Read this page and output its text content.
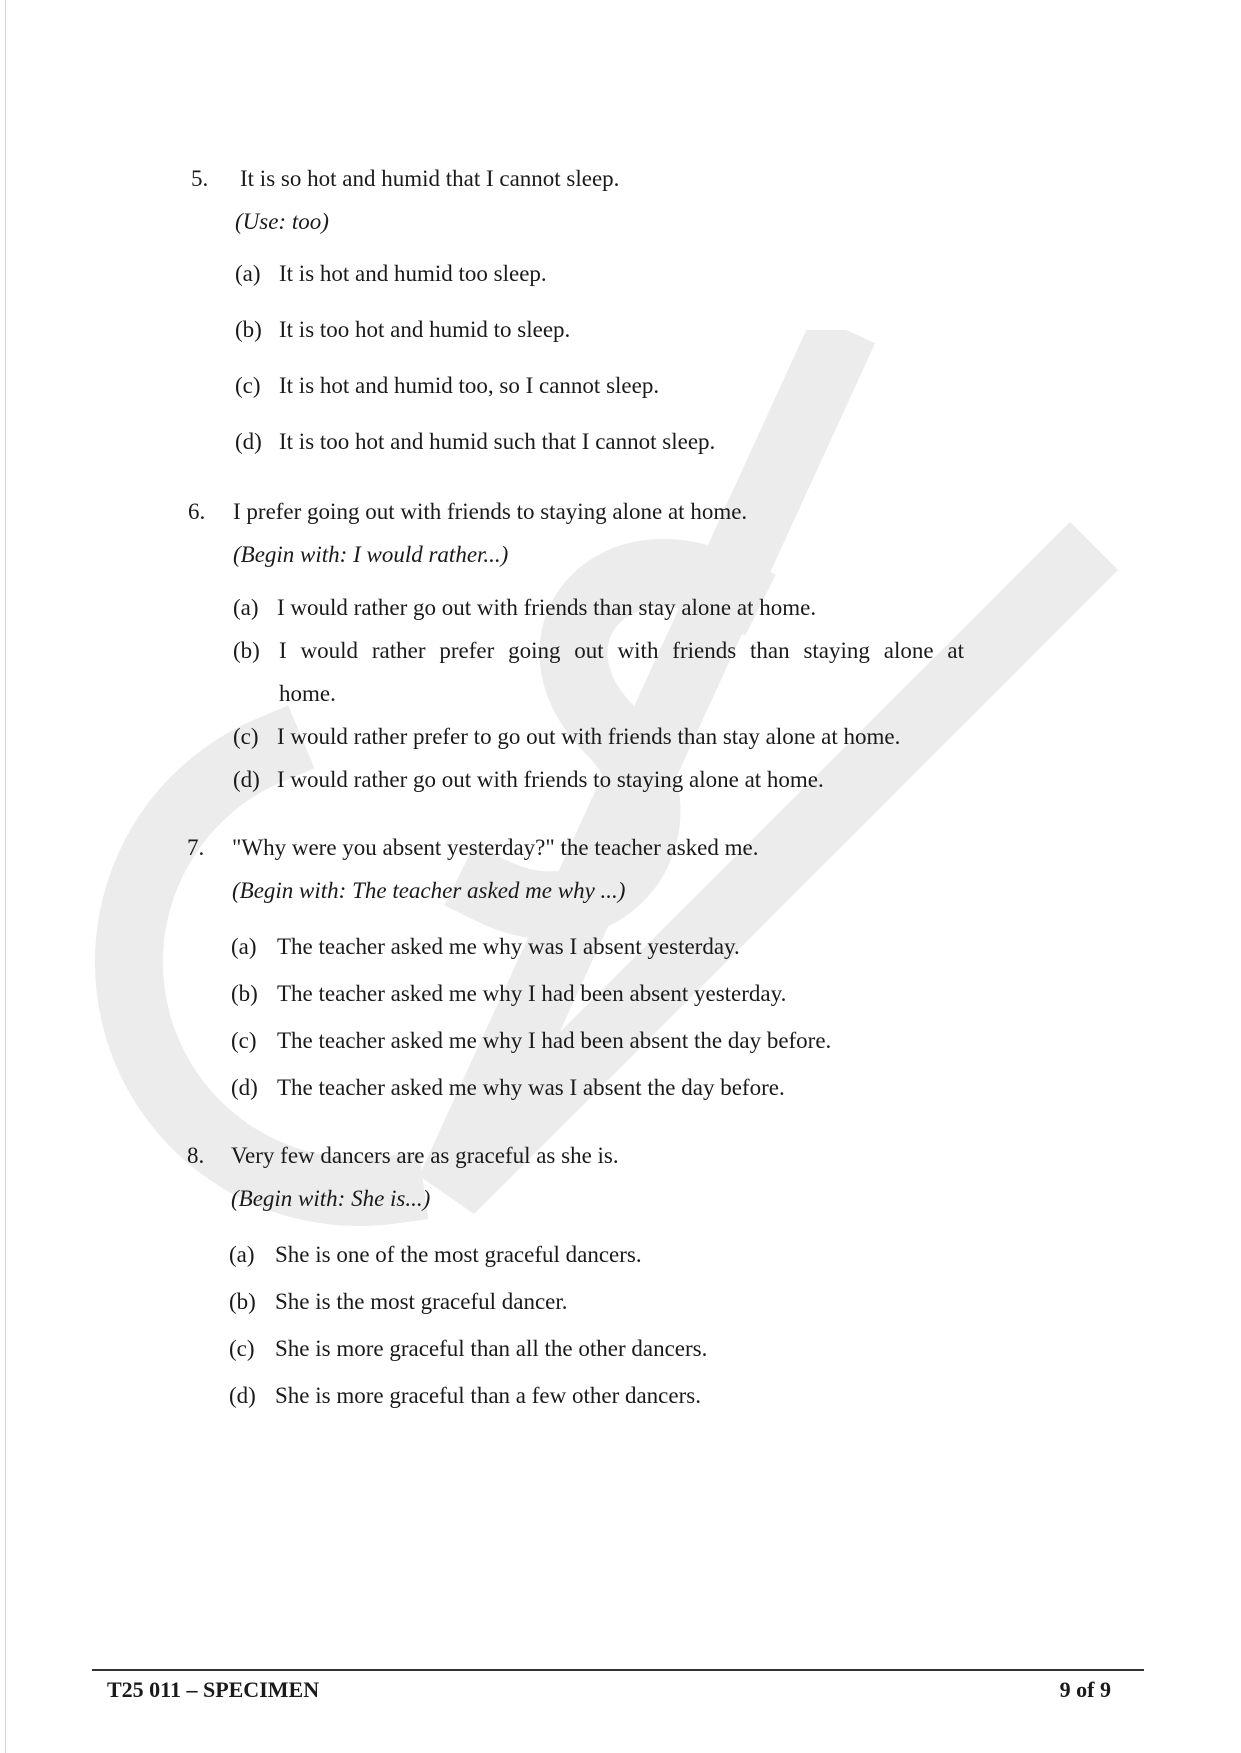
5. It is so hot and humid that I cannot sleep.
(Use: too)
(a) It is hot and humid too sleep.
(b) It is too hot and humid to sleep.
(c) It is hot and humid too, so I cannot sleep.
(d) It is too hot and humid such that I cannot sleep.
6. I prefer going out with friends to staying alone at home.
(Begin with: I would rather...)
(a) I would rather go out with friends than stay alone at home.
(b) I would rather prefer going out with friends than staying alone at
home.
(c) I would rather prefer to go out with friends than stay alone at home.
(d) I would rather go out with friends to staying alone at home.
7. "Why were you absent yesterday?" the teacher asked me.
(Begin with: The teacher asked me why ...)
(a) The teacher asked me why was I absent yesterday.
(b) The teacher asked me why I had been absent yesterday.
(c) The teacher asked me why I had been absent the day before.
(d) The teacher asked me why was I absent the day before.
8. Very few dancers are as graceful as she is.
(Begin with: She is...)
(a) She is one of the most graceful dancers.
(b) She is the most graceful dancer.
(c) She is more graceful than all the other dancers.
(d) She is more graceful than a few other dancers.
T25 011 – SPECIMEN	9 of 9
